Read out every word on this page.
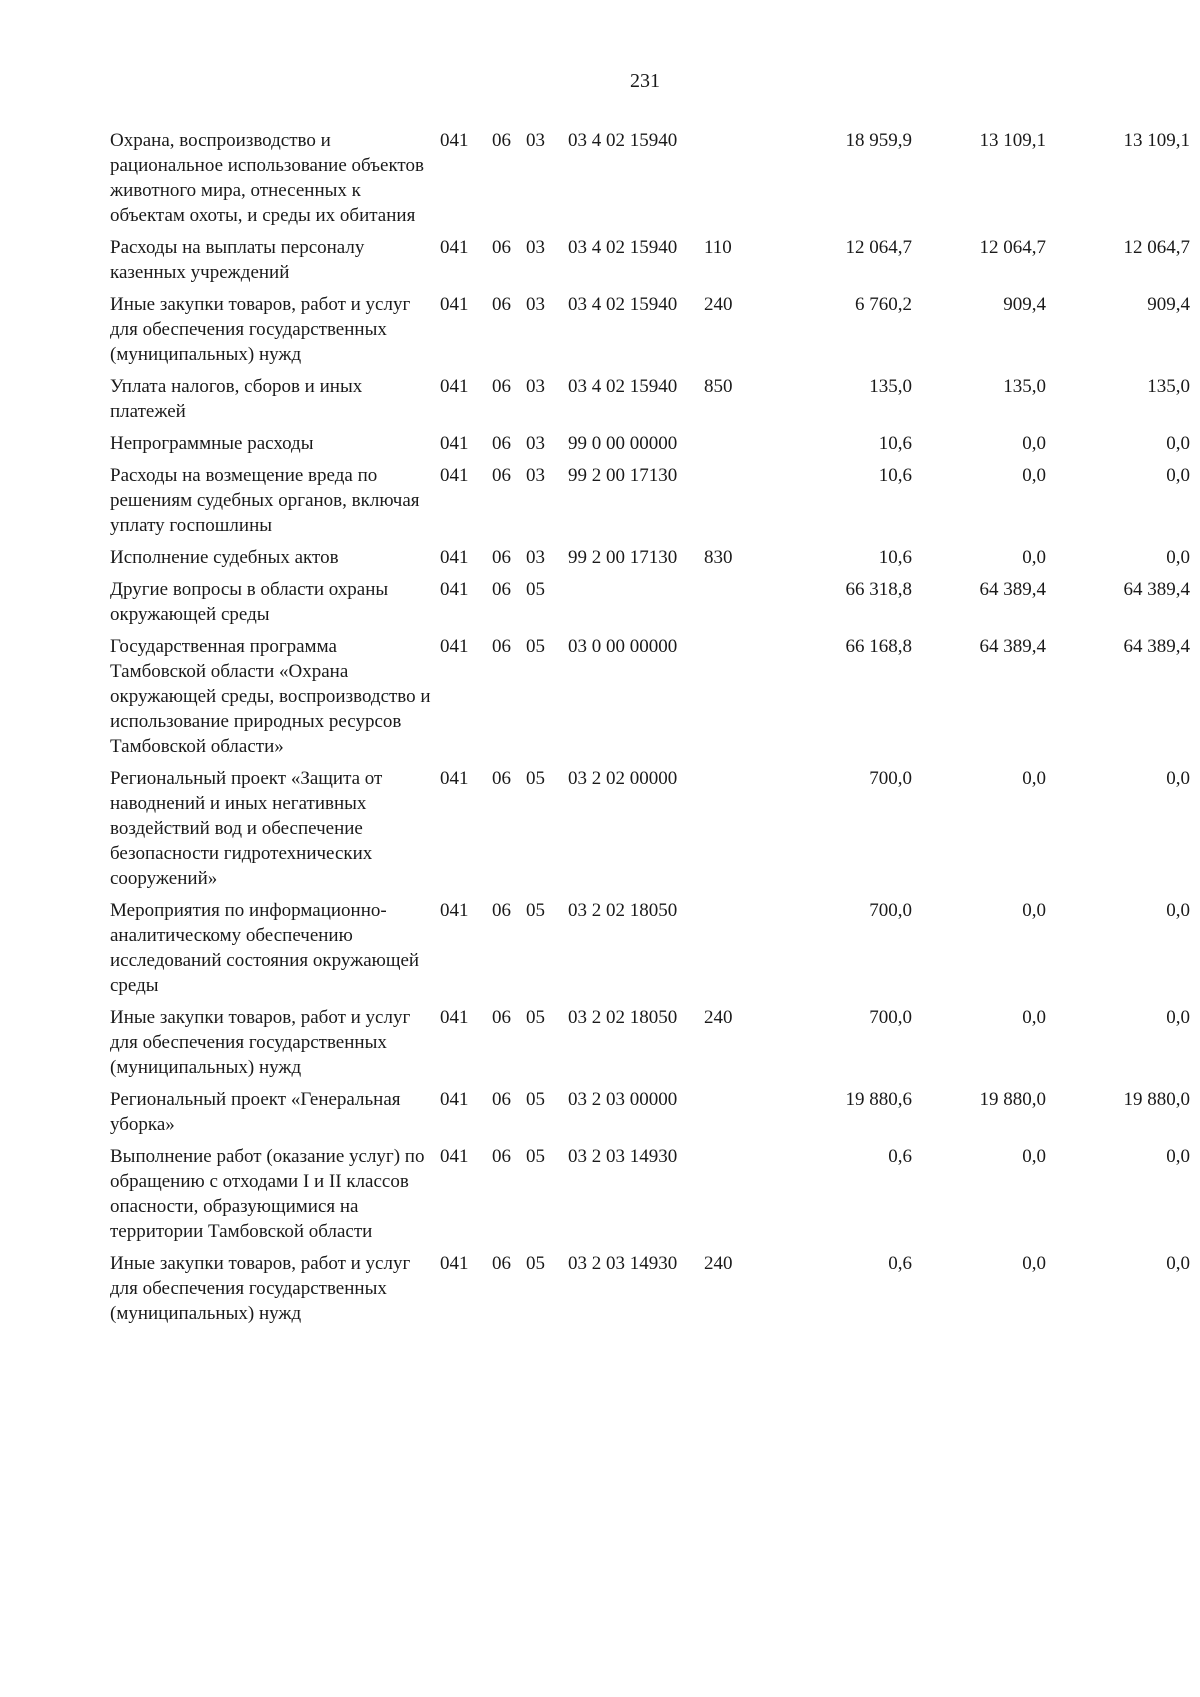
231
Охрана, воспроизводство и рациональное использование объектов животного мира, отнесенных к объектам охоты, и среды их обитания	041	06	03	03 4 02 15940		18 959,9	13 109,1	13 109,1
Расходы на выплаты персоналу казенных учреждений	041	06	03	03 4 02 15940	110	12 064,7	12 064,7	12 064,7
Иные закупки товаров, работ и услуг для обеспечения государственных (муниципальных) нужд	041	06	03	03 4 02 15940	240	6 760,2	909,4	909,4
Уплата налогов, сборов и иных платежей	041	06	03	03 4 02 15940	850	135,0	135,0	135,0
Непрограммные расходы	041	06	03	99 0 00 00000		10,6	0,0	0,0
Расходы на возмещение вреда по решениям судебных органов, включая уплату госпошлины	041	06	03	99 2 00 17130		10,6	0,0	0,0
Исполнение судебных актов	041	06	03	99 2 00 17130	830	10,6	0,0	0,0
Другие вопросы в области охраны окружающей среды	041	06	05			66 318,8	64 389,4	64 389,4
Государственная программа Тамбовской области «Охрана окружающей среды, воспроизводство и использование природных ресурсов Тамбовской области»	041	06	05	03 0 00 00000		66 168,8	64 389,4	64 389,4
Региональный проект «Защита от наводнений и иных негативных воздействий вод и обеспечение безопасности гидротехнических сооружений»	041	06	05	03 2 02 00000		700,0	0,0	0,0
Мероприятия по информационно-аналитическому обеспечению исследований состояния окружающей среды	041	06	05	03 2 02 18050		700,0	0,0	0,0
Иные закупки товаров, работ и услуг для обеспечения государственных (муниципальных) нужд	041	06	05	03 2 02 18050	240	700,0	0,0	0,0
Региональный проект «Генеральная уборка»	041	06	05	03 2 03 00000		19 880,6	19 880,0	19 880,0
Выполнение работ (оказание услуг) по обращению с отходами I и II классов опасности, образующимися на территории Тамбовской области	041	06	05	03 2 03 14930		0,6	0,0	0,0
Иные закупки товаров, работ и услуг для обеспечения государственных (муниципальных) нужд	041	06	05	03 2 03 14930	240	0,6	0,0	0,0
